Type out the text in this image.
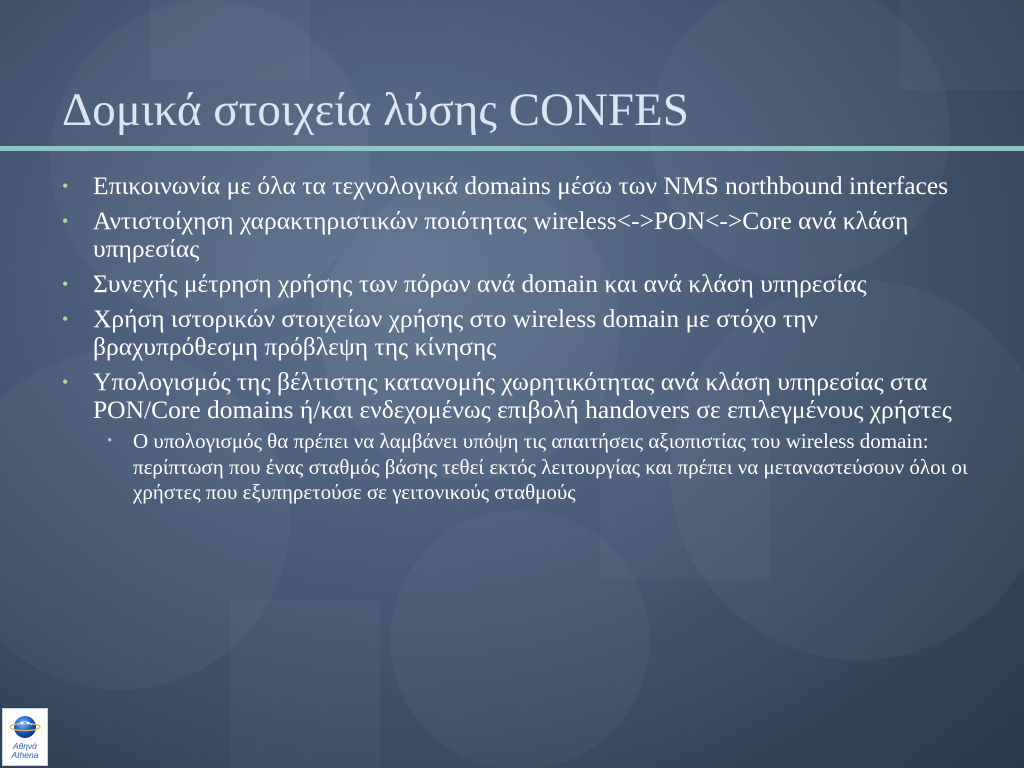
Δομικά στοιχεία λύσης CONFES
• Επικοινωνία με όλα τα τεχνολογικά domains μέσω των NMS northbound interfaces
• Αντιστοίχηση χαρακτηριστικών ποιότητας wireless<->PON<->Core ανά κλάση υπηρεσίας
• Συνεχής μέτρηση χρήσης των πόρων ανά domain και ανά κλάση υπηρεσίας
• Χρήση ιστορικών στοιχείων χρήσης στο wireless domain με στόχο την βραχυπρόθεσμη πρόβλεψη της κίνησης
• Υπολογισμός της βέλτιστης κατανομής χωρητικότητας ανά κλάση υπηρεσίας στα PON/Core domains ή/και ενδεχομένως επιβολή handovers σε επιλεγμένους χρήστες
• Ο υπολογισμός θα πρέπει να λαμβάνει υπόψη τις απαιτήσεις αξιοπιστίας του wireless domain: περίπτωση που ένας σταθμός βάσης τεθεί εκτός λειτουργίας και πρέπει να μεταναστεύσουν όλοι οι χρήστες που εξυπηρετούσε σε γειτονικούς σταθμούς
Αθηνά
Athena
